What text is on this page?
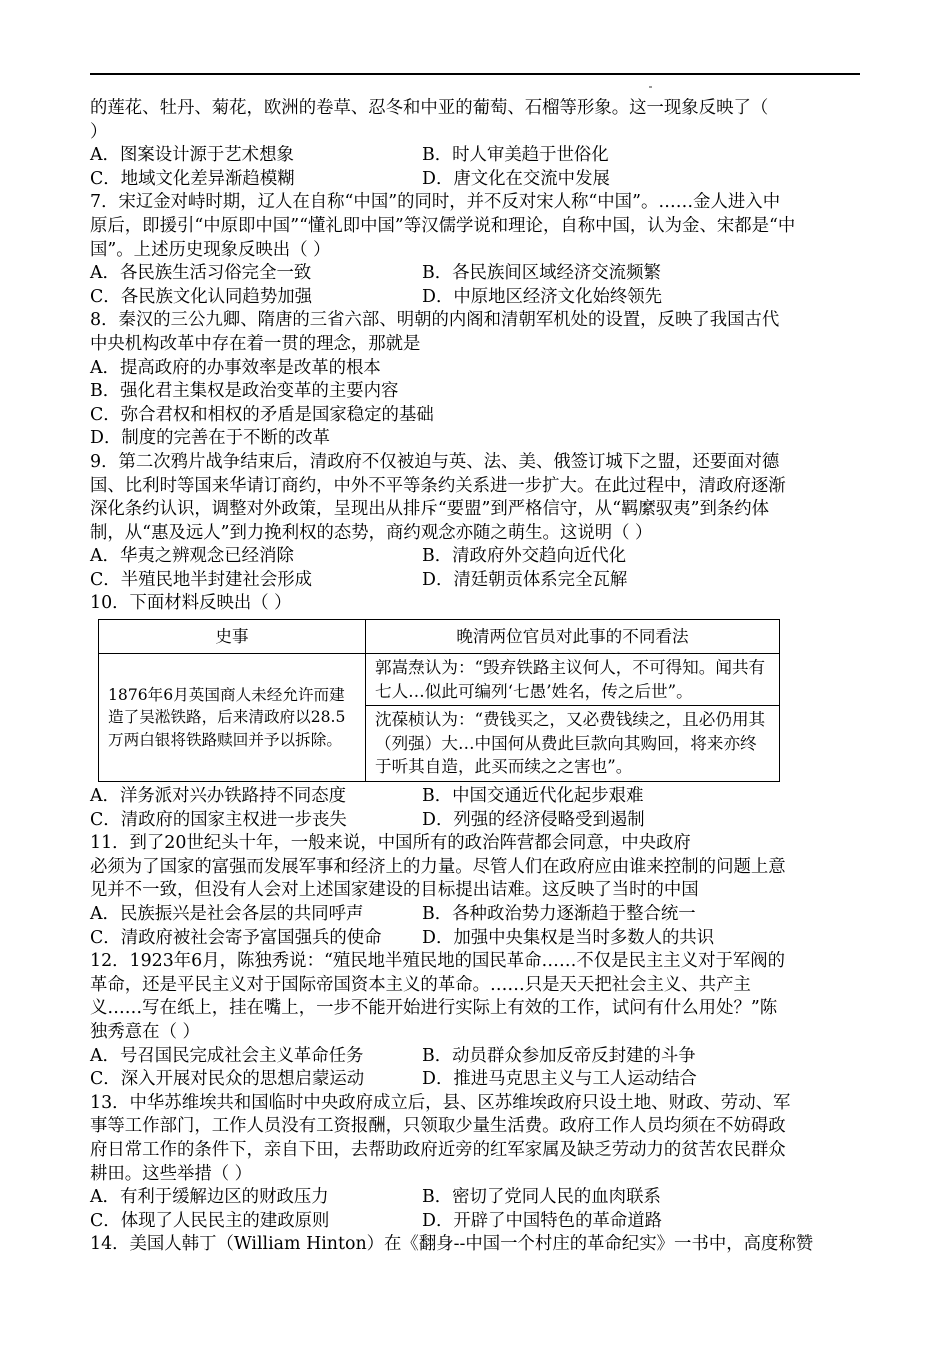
的莲花、牡丹、菊花，欧洲的卷草、忍冬和中亚的葡萄、石榴等形象。这一现象反映了（

）

A．图案设计源于艺术想象	B．时人审美趋于世俗化
C．地域文化差异渐趋模糊	D．唐文化在交流中发展

7．宋辽金对峙时期，辽人在自称“中国”的同时，并不反对宋人称“中国”。……金人进入中

原后，即援引“中原即中国”“懂礼即中国”等汉儒学说和理论，自称中国，认为金、宋都是“中

国”。上述历史现象反映出（ ）

A．各民族生活习俗完全一致	B．各民族间区域经济交流频繁
C．各民族文化认同趋势加强	D．中原地区经济文化始终领先

8．秦汉的三公九卿、隋唐的三省六部、明朝的内阁和清朝军机处的设置，反映了我国古代

中央机构改革中存在着一贯的理念，那就是

A．提高政府的办事效率是改革的根本

B．强化君主集权是政治变革的主要内容

C．弥合君权和相权的矛盾是国家稳定的基础

D．制度的完善在于不断的改革

9．第二次鸦片战争结束后，清政府不仅被迫与英、法、美、俄签订城下之盟，还要面对德

国、比利时等国来华请订商约，中外不平等条约关系进一步扩大。在此过程中，清政府逐渐

深化条约认识，调整对外政策，呈现出从排斥“要盟”到严格信守，从“羁縻驭夷”到条约体

制，从“惠及远人”到力挽利权的态势，商约观念亦随之萌生。这说明（ ）

A．华夷之辨观念已经消除	B．清政府外交趋向近代化
C．半殖民地半封建社会形成	D．清廷朝贡体系完全瓦解

10．下面材料反映出（ ）

史事	晚清两位官员对此事的不同看法
1876年6月英国商人未经允许而建造了吴淞铁路，后来清政府以28.5万两白银将铁路赎回并予以拆除。	郭嵩焘认为：“毁弃铁路主议何人，不可得知。闻共有七人…似此可编列‘七愚’姓名，传之后世”。
	沈葆桢认为：“费钱买之，又必费钱续之，且必仍用其（列强）大…中国何从费此巨款向其购回，将来亦终于听其自造，此买而续之之害也”。
A．洋务派对兴办铁路持不同态度	B．中国交通近代化起步艰难
C．清政府的国家主权进一步丧失	D．列强的经济侵略受到遏制

11．到了20世纪头十年，一般来说，中国所有的政治阵营都会同意，中央政府

必须为了国家的富强而发展军事和经济上的力量。尽管人们在政府应由谁来控制的问题上意

见并不一致，但没有人会对上述国家建设的目标提出诘难。这反映了当时的中国

A．民族振兴是社会各层的共同呼声	B．各种政治势力逐渐趋于整合统一
C．清政府被社会寄予富国强兵的使命	D．加强中央集权是当时多数人的共识

12．1923年6月，陈独秀说：“殖民地半殖民地的国民革命……不仅是民主主义对于军阀的

革命，还是平民主义对于国际帝国资本主义的革命。……只是天天把社会主义、共产主

义……写在纸上，挂在嘴上，一步不能开始进行实际上有效的工作，试问有什么用处？”陈

独秀意在（ ）

A．号召国民完成社会主义革命任务	B．动员群众参加反帝反封建的斗争
C．深入开展对民众的思想启蒙运动	D．推进马克思主义与工人运动结合

13．中华苏维埃共和国临时中央政府成立后，县、区苏维埃政府只设土地、财政、劳动、军

事等工作部门，工作人员没有工资报酬，只领取少量生活费。政府工作人员均须在不妨碍政

府日常工作的条件下，亲自下田，去帮助政府近旁的红军家属及缺乏劳动力的贫苦农民群众

耕田。这些举措（ ）

A．有利于缓解边区的财政压力	B．密切了党同人民的血肉联系
C．体现了人民民主的建政原则	D．开辟了中国特色的革命道路

14．美国人韩丁（William Hinton）在《翻身--中国一个村庄的革命纪实》一书中，高度称赞
